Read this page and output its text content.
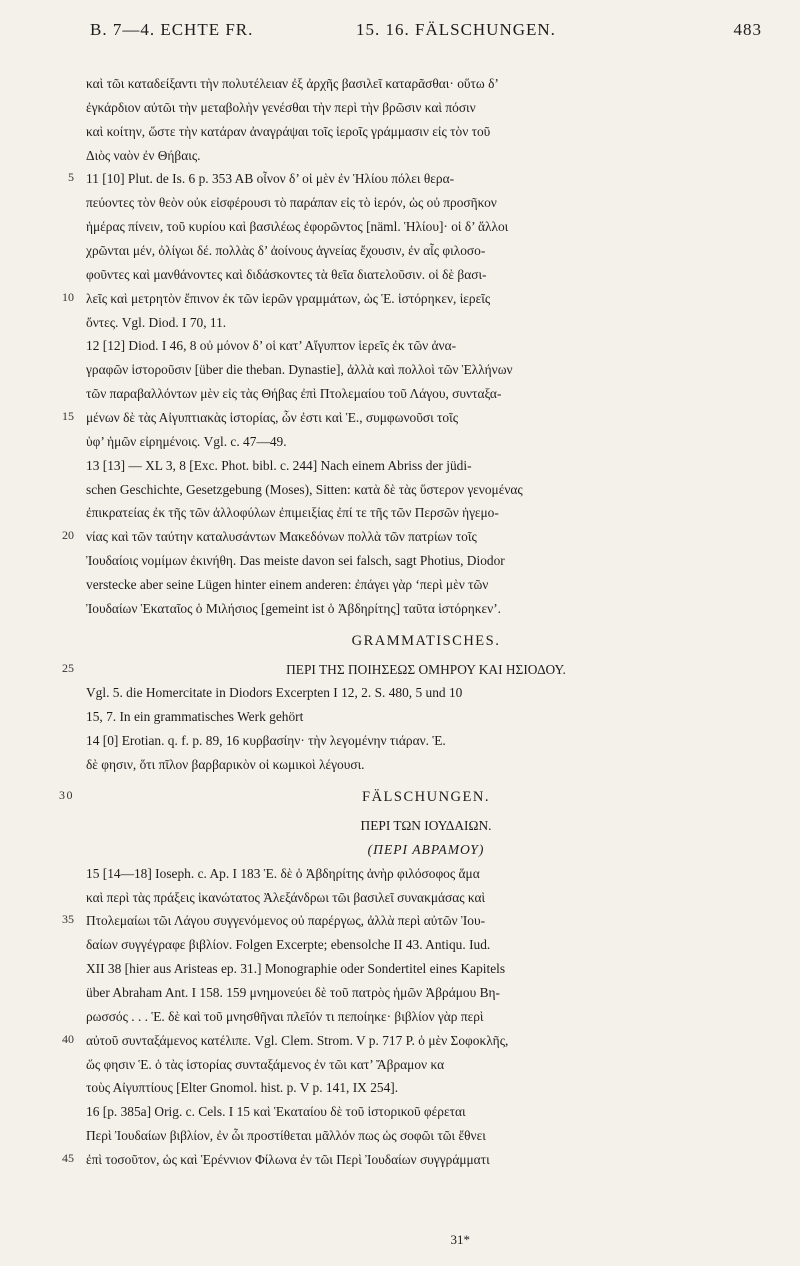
B. 7—4. ECHTE FR.	15. 16. FÄLSCHUNGEN.	483
καὶ τῶι καταδείξαντι τὴν πολυτέλειαν ἐξ ἀρχῆς βασιλεῖ καταρᾶσθαι· οὕτω δ’
ἐγκάρδιον αὐτῶι τὴν μεταβολὴν γενέσθαι τὴν περὶ τὴν βρῶσιν καὶ πόσιν
καὶ κοίτην, ὥστε τὴν κατάραν ἀναγράψαι τοῖς ἱεροῖς γράμμασιν εἰς τὸν τοῦ
Διὸς ναὸν ἐν Θήβαις.
5 11 [10] Plut. de Is. 6 p. 353 AB οἶνον δ’ οἱ μὲν ἐν Ἡλίου πόλει θερα-
πεύοντες τὸν θεὸν οὐκ εἰσφέρουσι τὸ παράπαν εἰς τὸ ἱερόν, ὡς οὐ προσῆκον
ἡμέρας πίνειν, τοῦ κυρίου καὶ βασιλέως ἐφορῶντος [näml. Ἡλίου]· οἱ δ’ ἄλλοι
χρῶνται μέν, ὀλίγωι δέ. πολλὰς δ’ ἀοίνους ἁγνείας ἔχουσιν, ἐν αἷς φιλοσο-
φοῦντες καὶ μανθάνοντες καὶ διδάσκοντες τὰ θεῖα διατελοῦσιν. οἱ δὲ βασι-
10 λεῖς καὶ μετρητὸν ἔπινον ἐκ τῶν ἱερῶν γραμμάτων, ὡς Ἑ. ἱστόρηκεν, ἱερεῖς
ὄντες. Vgl. Diod. I 70, 11.
12 [12] Diod. I 46, 8 οὐ μόνον δ’ οἱ κατ’ Αἴγυπτον ἱερεῖς ἐκ τῶν ἀνα-
γραφῶν ἱστοροῦσιν [über die theban. Dynastie], ἀλλὰ καὶ πολλοὶ τῶν Ἑλλήνων
τῶν παραβαλλόντων μὲν εἰς τὰς Θήβας ἐπὶ Πτολεμαίου τοῦ Λάγου, συνταξα-
15 μένων δὲ τὰς Αἰγυπτιακὰς ἱστορίας, ὧν ἐστι καὶ Ἑ., συμφωνοῦσι τοῖς
ὑφ’ ἡμῶν εἰρημένοις. Vgl. c. 47—49.
13 [13] — XL 3, 8 [Exc. Phot. bibl. c. 244] Nach einem Abriss der jüdi-
schen Geschichte, Gesetzgebung (Moses), Sitten: κατὰ δὲ τὰς ὕστερον γενομένας
ἐπικρατείας ἐκ τῆς τῶν ἀλλοφύλων ἐπιμειξίας ἐπί τε τῆς τῶν Περσῶν ἡγεμο-
20 νίας καὶ τῶν ταύτην καταλυσάντων Μακεδόνων πολλὰ τῶν πατρίων τοῖς
Ἰουδαίοις νομίμων ἐκινήθη. Das meiste davon sei falsch, sagt Photius, Diodor
verstecke aber seine Lügen hinter einem anderen: ἐπάγει γὰρ ‘περὶ μὲν τῶν
Ἰουδαίων Ἑκαταῖος ὁ Μιλήσιος [gemeint ist ὁ Ἀβδηρίτης] ταῦτα ἱστόρηκεν’.
GRAMMATISCHES.
25	ΠΕΡΙ ΤΗΣ ΠΟΙΗΣΕΩΣ ΟΜΗΡΟΥ ΚΑΙ ΗΣΙΟΔΟΥ.
Vgl. 5. die Homercitate in Diodors Excerpten I 12, 2. S. 480, 5 und 10
15, 7. In ein grammatisches Werk gehört
14 [0] Erotian. q. f. p. 89, 16 κυρβασίην· τὴν λεγομένην τιάραν. Ἑ.
δὲ φησιν, ὅτι πῖλον βαρβαρικὸν οἱ κωμικοὶ λέγουσι.
30	FÄLSCHUNGEN.
ΠΕΡΙ ΤΩΝ ΙΟΥΔΑΙΩΝ.
(ΠΕΡΙ ΑΒΡΑΜΟΥ)
15 [14—18] Ioseph. c. Ap. I 183 Ἑ. δὲ ὁ Ἀβδηρίτης ἀνὴρ φιλόσοφος ἅμα
καὶ περὶ τὰς πράξεις ἱκανώτατος Ἀλεξάνδρωι τῶι βασιλεῖ συνακμάσας καὶ
35 Πτολεμαίωι τῶι Λάγου συγγενόμενος οὐ παρέργως, ἀλλὰ περὶ αὐτῶν Ἰου-
δαίων συγγέγραφε βιβλίον. Folgen Excerpte; ebensolche II 43. Antiqu. Iud.
XII 38 [hier aus Aristeas ep. 31.] Monographie oder Sondertitel eines Kapitels
über Abraham Ant. I 158. 159 μνημονεύει δὲ τοῦ πατρὸς ἡμῶν Ἀβράμου Βη-
ρωσσός . . . Ἑ. δὲ καὶ τοῦ μνησθῆναι πλεῖόν τι πεποίηκε· βιβλίον γὰρ περὶ
40 αὐτοῦ συνταξάμενος κατέλιπε. Vgl. Clem. Strom. V p. 717 P. ὁ μὲν Σοφοκλῆς,
ὥς φησιν Ἑ. ὁ τὰς ἱστορίας συνταξάμενος ἐν τῶι κατ’ Ἄβραμον κα
τοὺς Αἰγυπτίους [Elter Gnomol. hist. p. V p. 141, IX 254].
16 [p. 385a] Orig. c. Cels. I 15 καὶ Ἑκαταίου δὲ τοῦ ἱστορικοῦ φέρεται
Περὶ Ἰουδαίων βιβλίον, ἐν ὧι προστίθεται μᾶλλόν πως ὡς σοφῶι τῶι ἔθνει
45 ἐπὶ τοσοῦτον, ὡς καὶ Ἑρέννιον Φίλωνα ἐν τῶι Περὶ Ἰουδαίων συγγράμματι
31*
